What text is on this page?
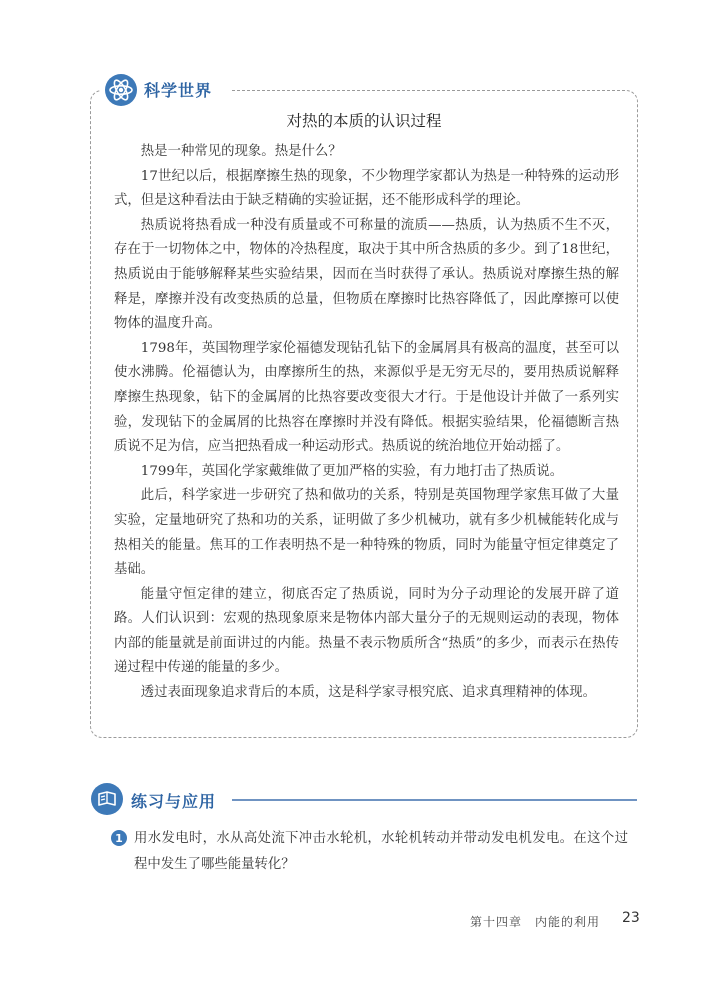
科学世界
对热的本质的认识过程

热是一种常见的现象。热是什么？

17世纪以后，根据摩擦生热的现象，不少物理学家都认为热是一种特殊的运动形式，但是这种看法由于缺乏精确的实验证据，还不能形成科学的理论。

热质说将热看成一种没有质量或不可称量的流质——热质，认为热质不生不灭，存在于一切物体之中，物体的冷热程度，取决于其中所含热质的多少。到了18世纪，热质说由于能够解释某些实验结果，因而在当时获得了承认。热质说对摩擦生热的解释是，摩擦并没有改变热质的总量，但物质在摩擦时比热容降低了，因此摩擦可以使物体的温度升高。

1798年，英国物理学家伦福德发现钻孔钻下的金属屑具有极高的温度，甚至可以使水沸腾。伦福德认为，由摩擦所生的热，来源似乎是无穷无尽的，要用热质说解释摩擦生热现象，钻下的金属屑的比热容要改变很大才行。于是他设计并做了一系列实验，发现钻下的金属屑的比热容在摩擦时并没有降低。根据实验结果，伦福德断言热质说不足为信，应当把热看成一种运动形式。热质说的统治地位开始动摇了。

1799年，英国化学家戴维做了更加严格的实验，有力地打击了热质说。

此后，科学家进一步研究了热和做功的关系，特别是英国物理学家焦耳做了大量实验，定量地研究了热和功的关系，证明做了多少机械功，就有多少机械能转化成与热相关的能量。焦耳的工作表明热不是一种特殊的物质，同时为能量守恒定律奠定了基础。

能量守恒定律的建立，彻底否定了热质说，同时为分子动理论的发展开辟了道路。人们认识到：宏观的热现象原来是物体内部大量分子的无规则运动的表现，物体内部的能量就是前面讲过的内能。热量不表示物质所含“热质”的多少，而表示在热传递过程中传递的能量的多少。

透过表面现象追求背后的本质，这是科学家寻根究底、追求真理精神的体现。

练习与应用
1 用水发电时，水从高处流下冲击水轮机，水轮机转动并带动发电机发电。在这个过程中发生了哪些能量转化？
第十四章　内能的利用 23
